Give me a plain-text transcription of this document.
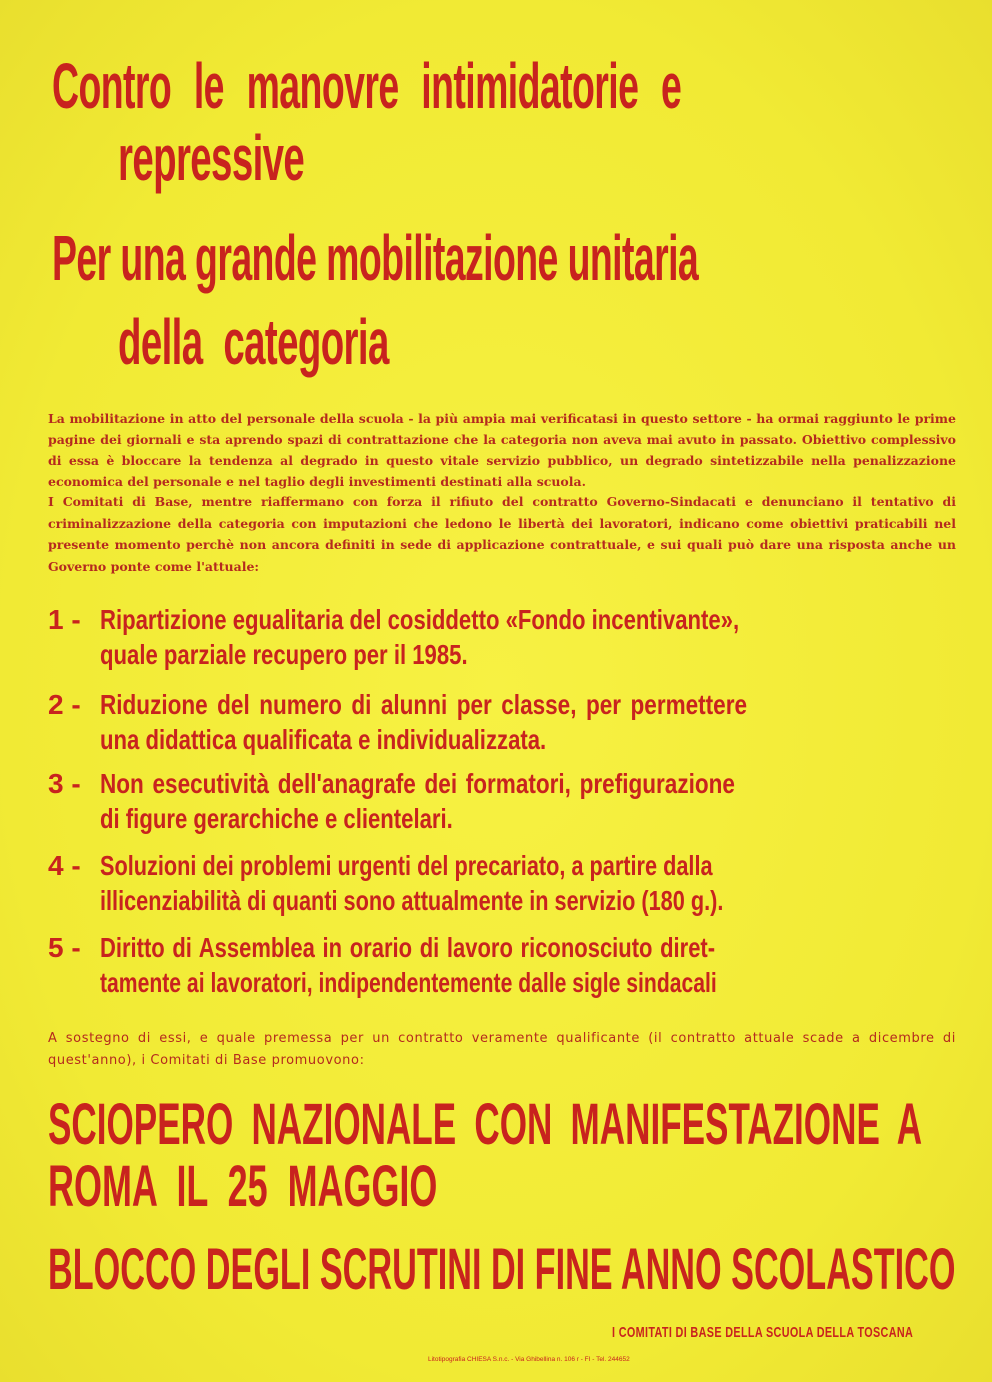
Contro le manovre intimidatorie e
repressive
Per una grande mobilitazione unitaria
della categoria
La mobilitazione in atto del personale della scuola - la più ampia mai verificatasi in questo settore - ha ormai raggiunto le prime pagine dei giornali e sta aprendo spazi di contrattazione che la categoria non aveva mai avuto in passato. Obiettivo complessivo di essa è bloccare la tendenza al degrado in questo vitale servizio pubblico, un degrado sintetizzabile nella penalizzazione economica del personale e nel taglio degli investimenti destinati alla scuola.
I Comitati di Base, mentre riaffermano con forza il rifiuto del contratto Governo-Sindacati e denunciano il tentativo di criminalizzazione della categoria con imputazioni che ledono le libertà dei lavoratori, indicano come obiettivi praticabili nel presente momento perchè non ancora definiti in sede di applicazione contrattuale, e sui quali può dare una risposta anche un Governo ponte come l'attuale:
1 - Ripartizione egualitaria del cosiddetto «Fondo incentivante»,
quale parziale recupero per il 1985.
2 - Riduzione del numero di alunni per classe, per permettere
una didattica qualificata e individualizzata.
3 - Non esecutività dell'anagrafe dei formatori, prefigurazione
di figure gerarchiche e clientelari.
4 - Soluzioni dei problemi urgenti del precariato, a partire dalla
illicenziabilità di quanti sono attualmente in servizio (180 g.).
5 - Diritto di Assemblea in orario di lavoro riconosciuto diret-
tamente ai lavoratori, indipendentemente dalle sigle sindacali
A sostegno di essi, e quale premessa per un contratto veramente qualificante (il contratto attuale scade a dicembre di quest'anno), i Comitati di Base promuovono:
SCIOPERO NAZIONALE CON MANIFESTAZIONE A
ROMA IL 25 MAGGIO
BLOCCO DEGLI SCRUTINI DI FINE ANNO SCOLASTICO
I COMITATI DI BASE DELLA SCUOLA DELLA TOSCANA
Litotipografia CHIESA S.n.c. - Via Ghibellina n. 106 r - FI - Tel. 244652
